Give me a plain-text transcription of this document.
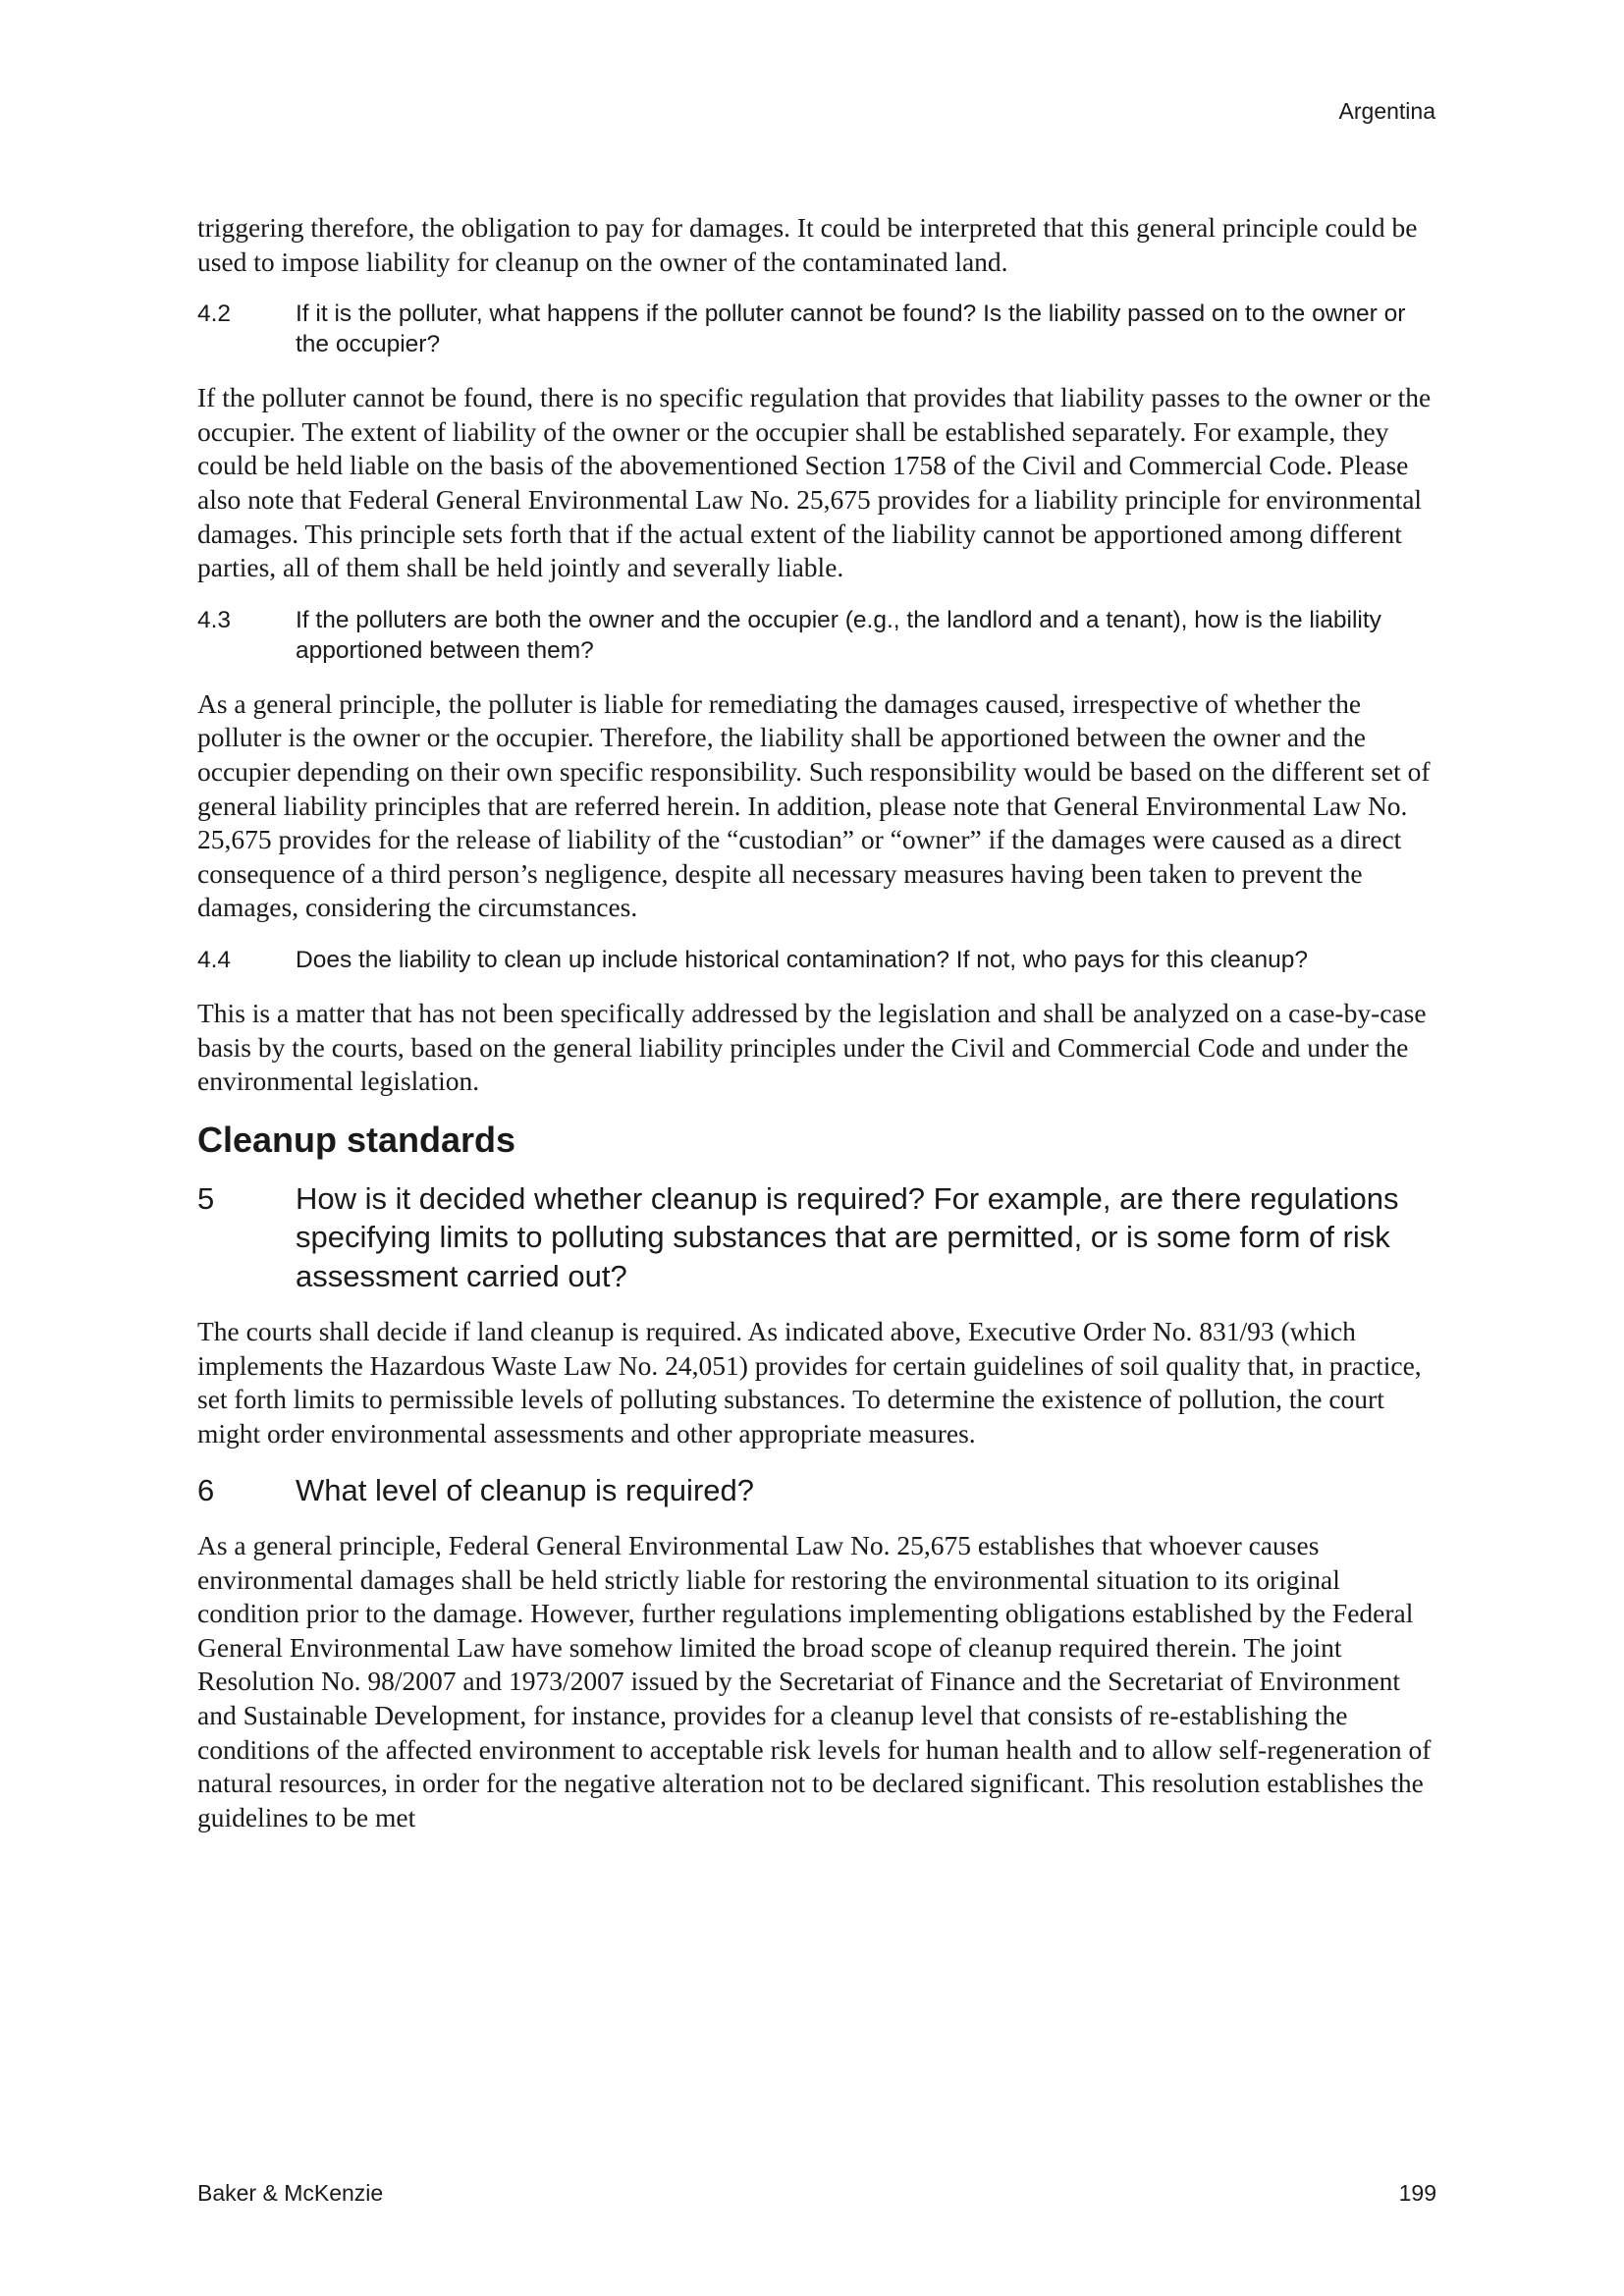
Argentina

triggering therefore, the obligation to pay for damages. It could be interpreted that this general principle could be used to impose liability for cleanup on the owner of the contaminated land.

4.2	If it is the polluter, what happens if the polluter cannot be found? Is the liability passed on to the owner or the occupier?

If the polluter cannot be found, there is no specific regulation that provides that liability passes to the owner or the occupier. The extent of liability of the owner or the occupier shall be established separately. For example, they could be held liable on the basis of the abovementioned Section 1758 of the Civil and Commercial Code. Please also note that Federal General Environmental Law No. 25,675 provides for a liability principle for environmental damages. This principle sets forth that if the actual extent of the liability cannot be apportioned among different parties, all of them shall be held jointly and severally liable.

4.3	If the polluters are both the owner and the occupier (e.g., the landlord and a tenant), how is the liability apportioned between them?

As a general principle, the polluter is liable for remediating the damages caused, irrespective of whether the polluter is the owner or the occupier. Therefore, the liability shall be apportioned between the owner and the occupier depending on their own specific responsibility. Such responsibility would be based on the different set of general liability principles that are referred herein. In addition, please note that General Environmental Law No. 25,675 provides for the release of liability of the “custodian” or “owner” if the damages were caused as a direct consequence of a third person’s negligence, despite all necessary measures having been taken to prevent the damages, considering the circumstances.

4.4	Does the liability to clean up include historical contamination? If not, who pays for this cleanup?

This is a matter that has not been specifically addressed by the legislation and shall be analyzed on a case-by-case basis by the courts, based on the general liability principles under the Civil and Commercial Code and under the environmental legislation.

Cleanup standards
5	How is it decided whether cleanup is required? For example, are there regulations specifying limits to polluting substances that are permitted, or is some form of risk assessment carried out?

The courts shall decide if land cleanup is required. As indicated above, Executive Order No. 831/93 (which implements the Hazardous Waste Law No. 24,051) provides for certain guidelines of soil quality that, in practice, set forth limits to permissible levels of polluting substances. To determine the existence of pollution, the court might order environmental assessments and other appropriate measures.

6	What level of cleanup is required?

As a general principle, Federal General Environmental Law No. 25,675 establishes that whoever causes environmental damages shall be held strictly liable for restoring the environmental situation to its original condition prior to the damage. However, further regulations implementing obligations established by the Federal General Environmental Law have somehow limited the broad scope of cleanup required therein. The joint Resolution No. 98/2007 and 1973/2007 issued by the Secretariat of Finance and the Secretariat of Environment and Sustainable Development, for instance, provides for a cleanup level that consists of re-establishing the conditions of the affected environment to acceptable risk levels for human health and to allow self-regeneration of natural resources, in order for the negative alteration not to be declared significant. This resolution establishes the guidelines to be met

Baker & McKenzie	199
